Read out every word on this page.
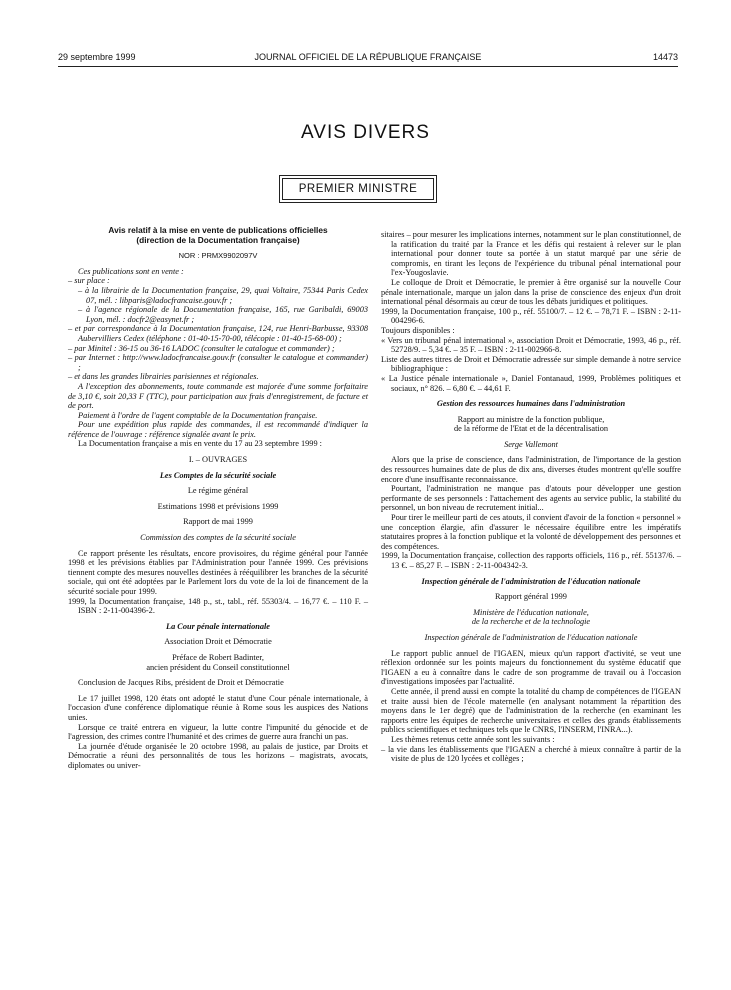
29 septembre 1999	JOURNAL OFFICIEL DE LA RÉPUBLIQUE FRANÇAISE	14473
AVIS DIVERS
PREMIER MINISTRE

Avis relatif à la mise en vente de publications officielles

(direction de la Documentation française)

NOR : PRMX9902097V

Ces publications sont en vente :

– sur place :

– à la librairie de la Documentation française, 29, quai Voltaire, 75344 Paris Cedex 07, mél. : libparis@ladocfrancaise.gouv.fr ;

– à l'agence régionale de la Documentation française, 165, rue Garibaldi, 69003 Lyon, mél. : docfr2@easynet.fr ;

– et par correspondance à la Documentation française, 124, rue Henri-Barbusse, 93308 Aubervilliers Cedex (téléphone : 01-40-15-70-00, télécopie : 01-40-15-68-00) ;

– par Minitel : 36-15 ou 36-16 LADOC (consulter le catalogue et commander) ;

– par Internet : http://www.ladocfrancaise.gouv.fr (consulter le catalogue et commander) ;

– et dans les grandes librairies parisiennes et régionales.

A l'exception des abonnements, toute commande est majorée d'une somme forfaitaire de 3,10 €, soit 20,33 F (TTC), pour participation aux frais d'enregistrement, de facture et de port.

Paiement à l'ordre de l'agent comptable de la Documentation française.

Pour une expédition plus rapide des commandes, il est recommandé d'indiquer la référence de l'ouvrage : référence signalée avant le prix.

La Documentation française a mis en vente du 17 au 23 septembre 1999 :

I. – OUVRAGES

Les Comptes de la sécurité sociale

Le régime général

Estimations 1998 et prévisions 1999

Rapport de mai 1999

Commission des comptes de la sécurité sociale

Ce rapport présente les résultats, encore provisoires, du régime général pour l'année 1998 et les prévisions établies par l'Administration pour l'année 1999. Ces prévisions tiennent compte des mesures nouvelles destinées à rééquilibrer les branches de la sécurité sociale, qui ont été adoptées par le Parlement lors du vote de la loi de financement de la sécurité sociale pour 1999.

1999, la Documentation française, 148 p., st., tabl., réf. 55303/4. – 16,77 €. – 110 F. – ISBN : 2-11-004396-2.

La Cour pénale internationale

Association Droit et Démocratie

Préface de Robert Badinter,

ancien président du Conseil constitutionnel

Conclusion de Jacques Ribs, président de Droit et Démocratie

Le 17 juillet 1998, 120 états ont adopté le statut d'une Cour pénale internationale, à l'occasion d'une conférence diplomatique réunie à Rome sous les auspices des Nations unies.

Lorsque ce traité entrera en vigueur, la lutte contre l'impunité du génocide et de l'agression, des crimes contre l'humanité et des crimes de guerre aura franchi un pas.

La journée d'étude organisée le 20 octobre 1998, au palais de justice, par Droits et Démocratie a réuni des personnalités de tous les horizons – magistrats, avocats, diplomates ou univer-

sitaires – pour mesurer les implications internes, notamment sur le plan constitutionnel, de la ratification du traité par la France et les défis qui restaient à relever sur le plan international pour donner toute sa portée à un statut marqué par une série de compromis, en tirant les leçons de l'expérience du tribunal pénal international pour l'ex-Yougoslavie.

Le colloque de Droit et Démocratie, le premier à être organisé sur la nouvelle Cour pénale internationale, marque un jalon dans la prise de conscience des enjeux d'un droit international pénal désormais au cœur de tous les débats juridiques et politiques.

1999, la Documentation française, 100 p., réf. 55100/7. – 12 €. – 78,71 F. – ISBN : 2-11-004296-6.

Toujours disponibles :

« Vers un tribunal pénal international », association Droit et Démocratie, 1993, 46 p., réf. 52728/9. – 5,34 €. – 35 F. – ISBN : 2-11-002966-8.

Liste des autres titres de Droit et Démocratie adressée sur simple demande à notre service bibliographique :

« La Justice pénale internationale », Daniel Fontanaud, 1999, Problèmes politiques et sociaux, n° 826. – 6,80 €. – 44,61 F.

Gestion des ressources humaines dans l'administration

Rapport au ministre de la fonction publique,

de la réforme de l'Etat et de la décentralisation

Serge Vallemont

Alors que la prise de conscience, dans l'administration, de l'importance de la gestion des ressources humaines date de plus de dix ans, diverses études montrent qu'elle souffre encore d'une insuffisante reconnaissance.

Pourtant, l'administration ne manque pas d'atouts pour développer une gestion performante de ses personnels : l'attachement des agents au service public, la stabilité du personnel, un bon niveau de recrutement initial...

Pour tirer le meilleur parti de ces atouts, il convient d'avoir de la fonction « personnel » une conception élargie, afin d'assurer le nécessaire équilibre entre les impératifs statutaires propres à la fonction publique et la volonté de développement des personnes et des compétences.

1999, la Documentation française, collection des rapports officiels, 116 p., réf. 55137/6. – 13 €. – 85,27 F. – ISBN : 2-11-004342-3.

Inspection générale de l'administration de l'éducation nationale

Rapport général 1999

Ministère de l'éducation nationale,

de la recherche et de la technologie

Inspection générale de l'administration de l'éducation nationale

Le rapport public annuel de l'IGAEN, mieux qu'un rapport d'activité, se veut une réflexion ordonnée sur les points majeurs du fonctionnement du système éducatif que l'IGAEN a eu à connaître dans le cadre de son programme de travail ou à l'occasion d'investigations imposées par l'actualité.

Cette année, il prend aussi en compte la totalité du champ de compétences de l'IGEAN et traite aussi bien de l'école maternelle (en analysant notamment la répartition des moyens dans le 1er degré) que de l'administration de la recherche (en examinant les rapports entre les équipes de recherche universitaires et celles des grands établissements publics scientifiques et techniques tels que le CNRS, l'INSERM, l'INRA...).

Les thèmes retenus cette année sont les suivants :

– la vie dans les établissements que l'IGAEN a cherché à mieux connaître à partir de la visite de plus de 120 lycées et collèges ;
